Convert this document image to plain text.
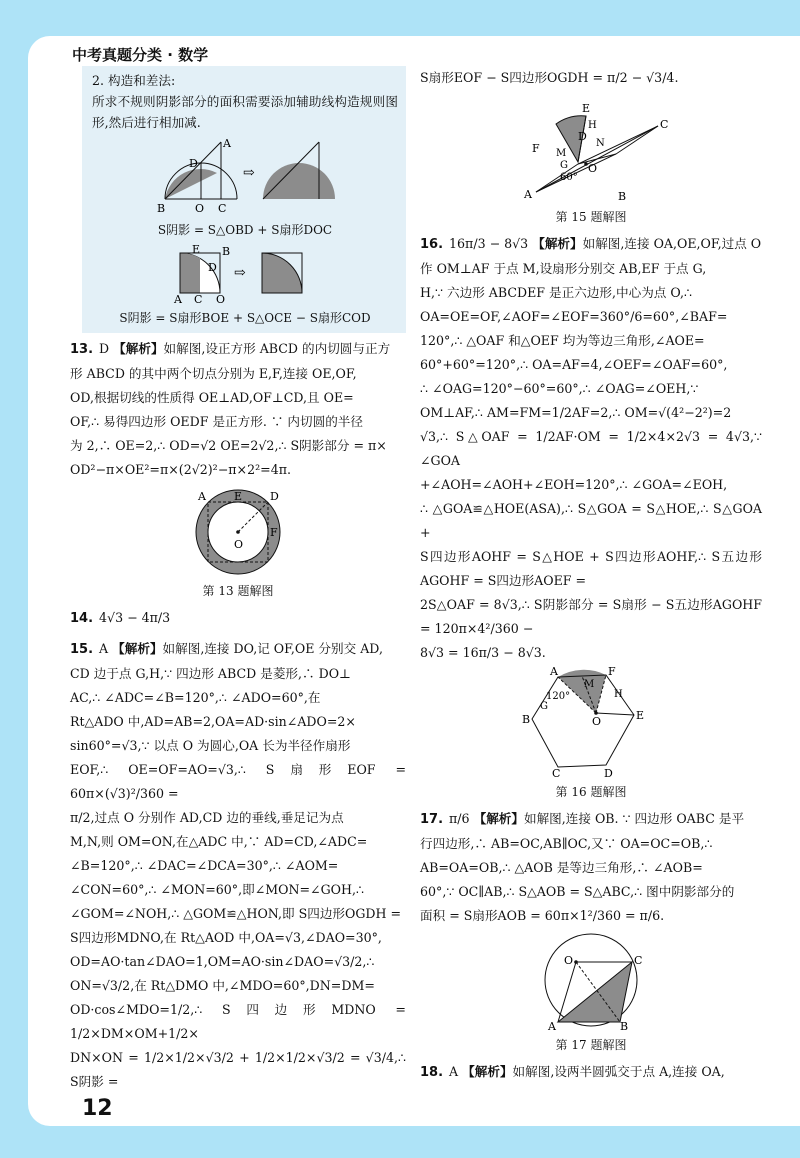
中考真题分类 · 数学

2. 构造和差法:

所求不规则阴影部分的面积需要添加辅助线构造规则图形,然后进行相加减.

B	O C
D
A
⇨

S阴影 = S△OBD + S扇形DOC

A C O
E B
D ⇨

S阴影 = S扇形BOE + S△OCE − S扇形COD

13. D 【解析】如解图,设正方形 ABCD 的内切圆与正方

形 ABCD 的其中两个切点分别为 E,F,连接 OE,OF,

OD,根据切线的性质得 OE⊥AD,OF⊥CD,且 OE=

OF,∴ 易得四边形 OEDF 是正方形. ∵ 内切圆的半径

为 2,∴ OE=2,∴ OD=√2 OE=2√2,∴ S阴影部分 = π×

OD²−π×OE²=π×(2√2)²−π×2²=4π.

A	E	D
F
O
第 13 题解图

14. 4√3 − 4π/3

15. A 【解析】如解图,连接 DO,记 OF,OE 分别交 AD,

CD 边于点 G,H,∵ 四边形 ABCD 是菱形,∴ DO⊥

AC,∴ ∠ADC=∠B=120°,∴ ∠ADO=60°,在

Rt△ADO 中,AD=AB=2,OA=AD·sin∠ADO=2×

sin60°=√3,∵ 以点 O 为圆心,OA 长为半径作扇形

EOF,∴ OE=OF=AO=√3,∴ S扇形EOF = 60π×(√3)²/360 =

π/2,过点 O 分别作 AD,CD 边的垂线,垂足记为点

M,N,则 OM=ON,在△ADC 中,∵ AD=CD,∠ADC=

∠B=120°,∴ ∠DAC=∠DCA=30°,∴ ∠AOM=

∠CON=60°,∴ ∠MON=60°,即∠MON=∠GOH,∴

∠GOM=∠NOH,∴ △GOM≌△HON,即 S四边形OGDH =

S四边形MDNO,在 Rt△AOD 中,OA=√3,∠DAO=30°,

OD=AO·tan∠DAO=1,OM=AO·sin∠DAO=√3/2,∴

ON=√3/2,在 Rt△DMO 中,∠MDO=60°,DN=DM=

OD·cos∠MDO=1/2,∴ S四边形MDNO = 1/2×DM×OM+1/2×

DN×ON = 1/2×1/2×√3/2 + 1/2×1/2×√3/2 = √3/4,∴ S阴影 =

S扇形EOF − S四边形OGDH = π/2 − √3/4.

A	B
C
D
E
F
O
M
N
G
H
60°
第 15 题解图

16. 16π/3 − 8√3 【解析】如解图,连接 OA,OE,OF,过点 O

作 OM⊥AF 于点 M,设扇形分别交 AB,EF 于点 G,

H,∵ 六边形 ABCDEF 是正六边形,中心为点 O,∴

OA=OE=OF,∠AOF=∠EOF=360°/6=60°,∠BAF=

120°,∴ △OAF 和△OEF 均为等边三角形,∠AOE=

60°+60°=120°,∴ OA=AF=4,∠OEF=∠OAF=60°,

∴ ∠OAG=120°−60°=60°,∴ ∠OAG=∠OEH,∵

OM⊥AF,∴ AM=FM=1/2AF=2,∴ OM=√(4²−2²)=2

√3,∴ S△OAF = 1/2AF·OM = 1/2×4×2√3 = 4√3,∵ ∠GOA

+∠AOH=∠AOH+∠EOH=120°,∴ ∠GOA=∠EOH,

∴ △GOA≌△HOE(ASA),∴ S△GOA = S△HOE,∴ S△GOA +

S四边形AOHF = S△HOE + S四边形AOHF,∴ S五边形AGOHF = S四边形AOEF =

2S△OAF = 8√3,∴ S阴影部分 = S扇形 − S五边形AGOHF = 120π×4²/360 −

8√3 = 16π/3 − 8√3.

A	F
B	E
C	D
O
M
G
H
120°
第 16 题解图

17. π/6 【解析】如解图,连接 OB. ∵ 四边形 OABC 是平

行四边形,∴ AB=OC,AB∥OC,又∵ OA=OC=OB,∴

AB=OA=OB,∴ △AOB 是等边三角形,∴ ∠AOB=

60°,∵ OC∥AB,∴ S△AOB = S△ABC,∴ 图中阴影部分的

面积 = S扇形AOB = 60π×1²/360 = π/6.

O	C
A	B
第 17 题解图

18. A 【解析】如解图,设两半圆弧交于点 A,连接 OA,

12
